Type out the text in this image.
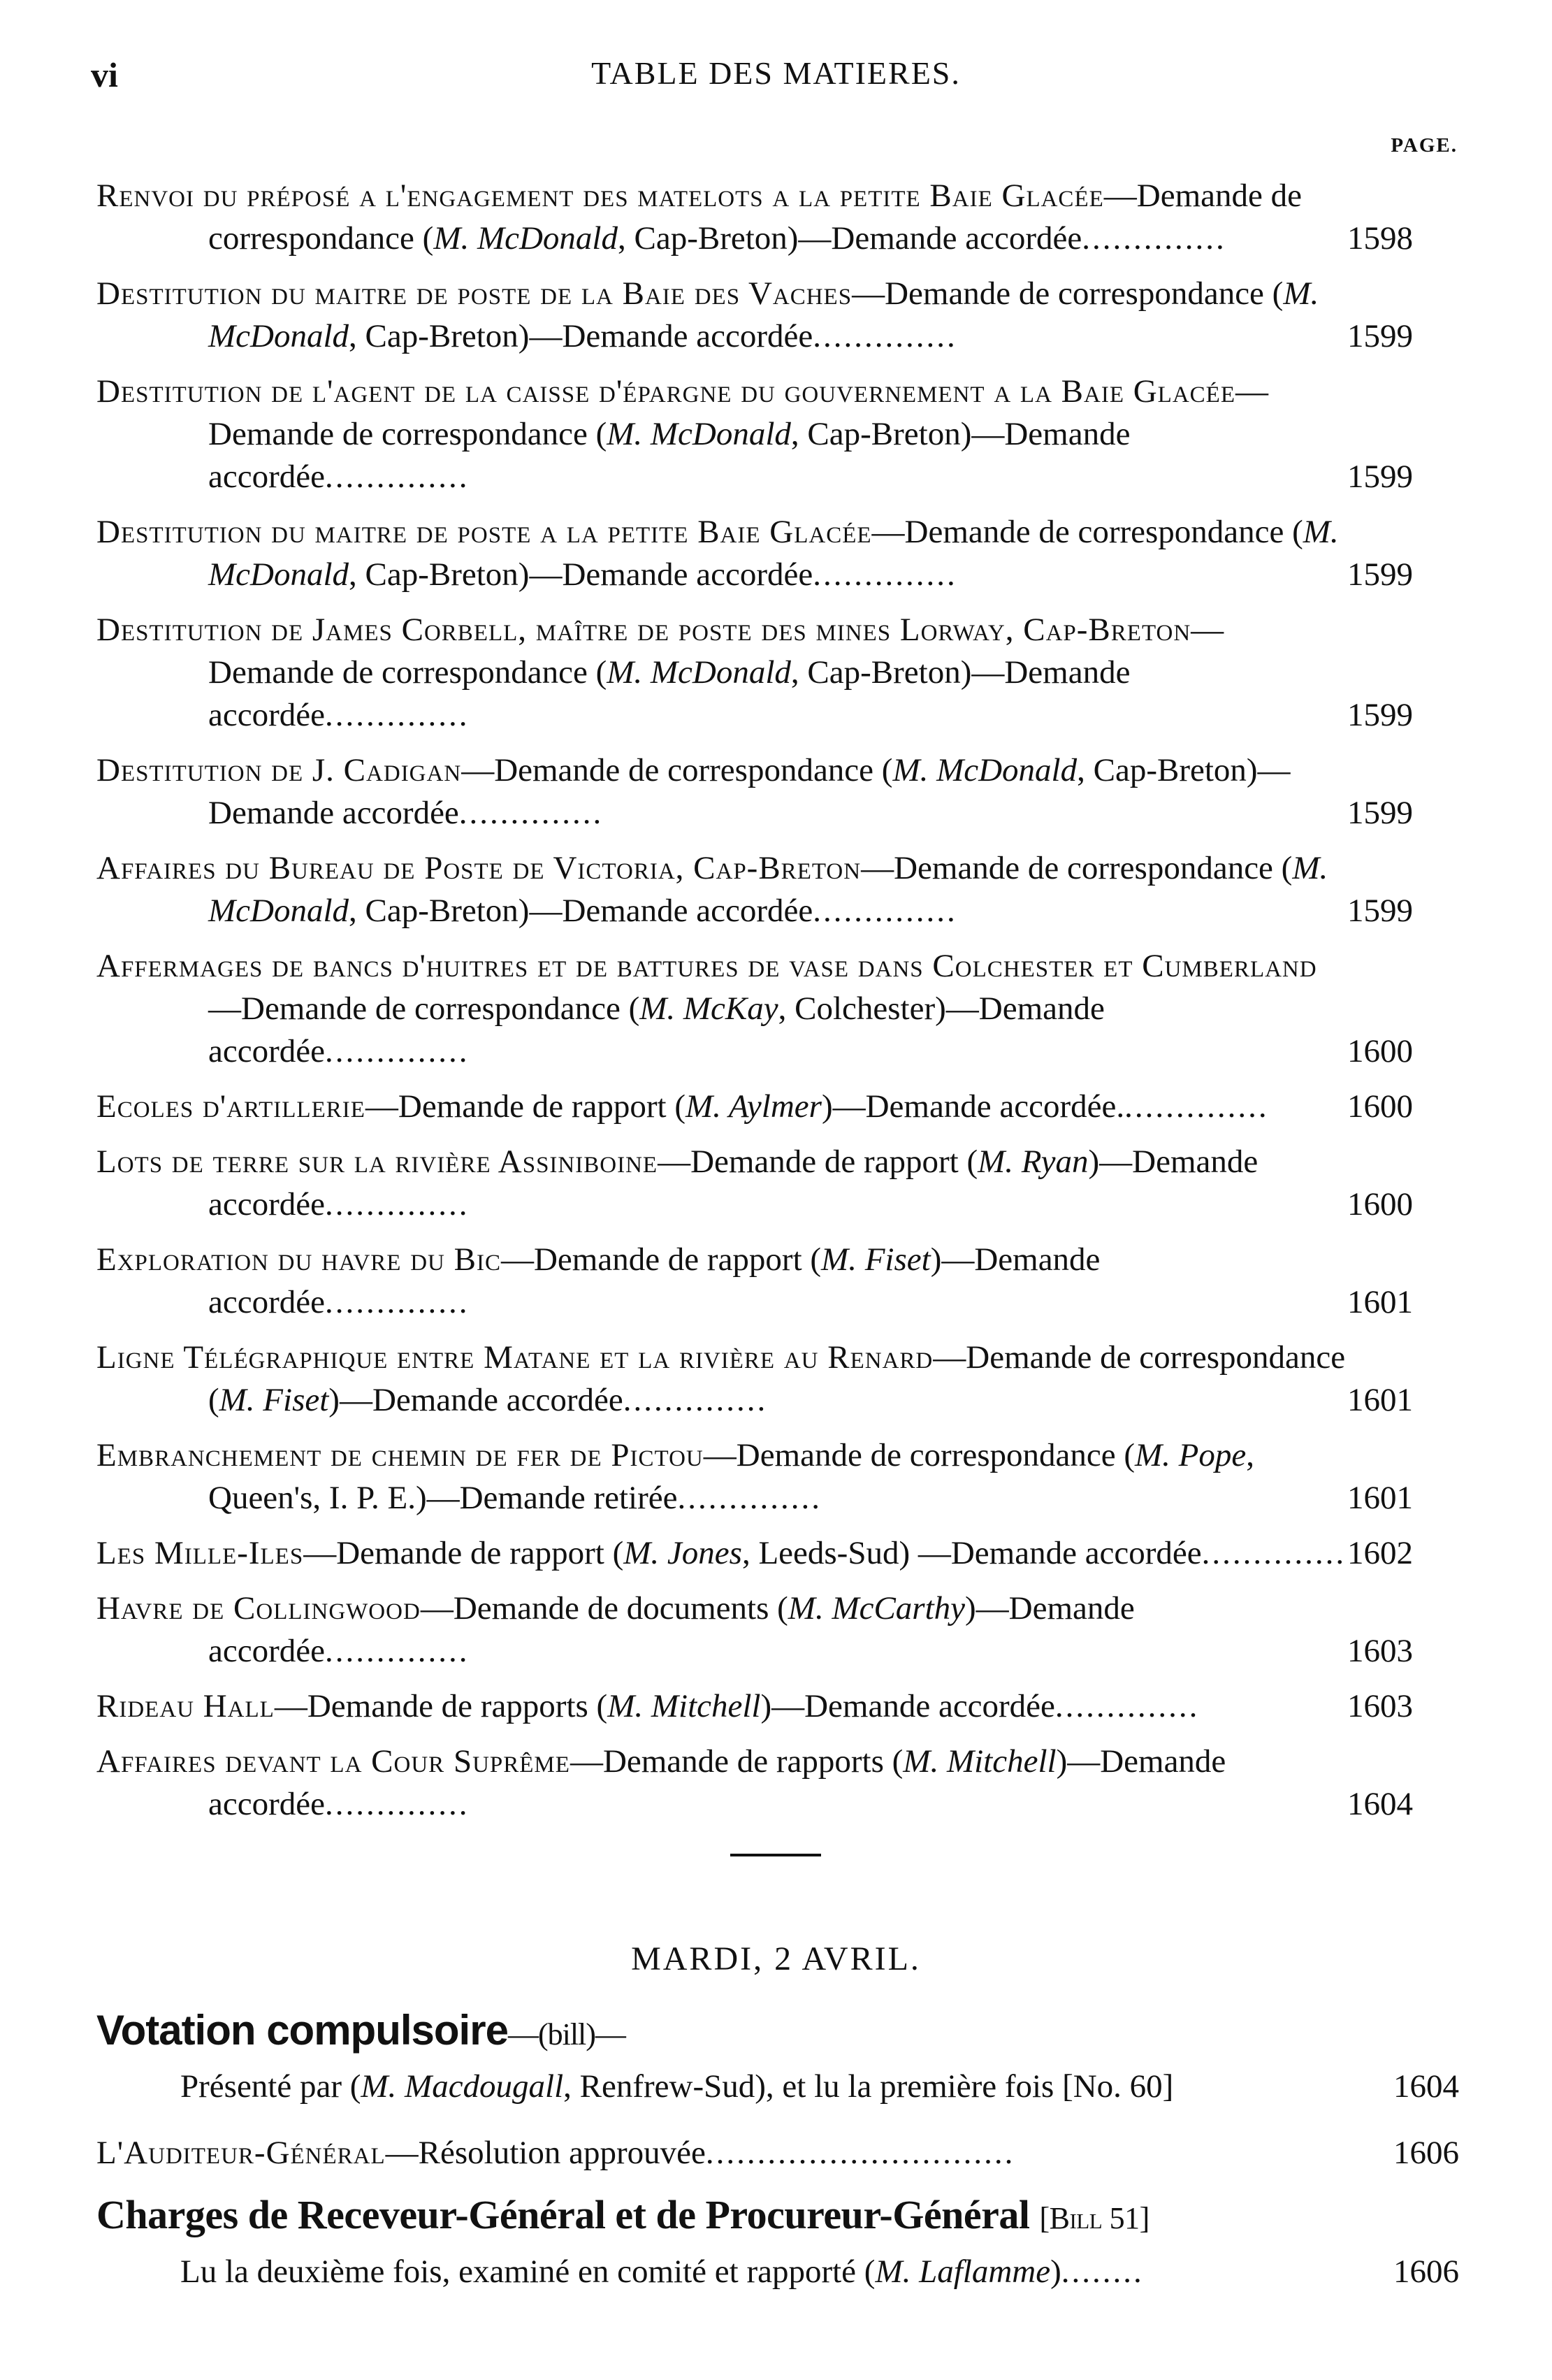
vi	TABLE DES MATIERES.
PAGE.
Renvoi du préposé a l'engagement des matelots a la petite Baie Glacée—Demande de correspondance (M. McDonald, Cap-Breton)—Demande accordée..............	1598
Destitution du maitre de poste de la Baie des Vaches—Demande de correspondance (M. McDonald, Cap-Breton)—Demande accordée..............	1599
Destitution de l'agent de la caisse d'épargne du gouvernement a la Baie Glacée—Demande de correspondance (M. McDonald, Cap-Breton)—Demande accordée..............	1599
Destitution du maitre de poste a la petite Baie Glacée—Demande de correspondance (M. McDonald, Cap-Breton)—Demande accordée..............	1599
Destitution de James Corbell, maître de poste des mines Lorway, Cap-Breton—Demande de correspondance (M. McDonald, Cap-Breton)—Demande accordée..............	1599
Destitution de J. Cadigan—Demande de correspondance (M. McDonald, Cap-Breton)—Demande accordée..............	1599
Affaires du Bureau de Poste de Victoria, Cap-Breton—Demande de correspondance (M. McDonald, Cap-Breton)—Demande accordée..............	1599
Affermages de bancs d'huitres et de battures de vase dans Colchester et Cumberland—Demande de correspondance (M. McKay, Colchester)—Demande accordée..............	1600
Ecoles d'artillerie—Demande de rapport (M. Aylmer)—Demande accordée............... 1600
Lots de terre sur la rivière Assiniboine—Demande de rapport (M. Ryan)—Demande accordée..............	1600
Exploration du havre du Bic—Demande de rapport (M. Fiset)—Demande accordée..............	1601
Ligne Télégraphique entre Matane et la rivière au Renard—Demande de correspondance (M. Fiset)—Demande accordée..............	1601
Embranchement de chemin de fer de Pictou—Demande de correspondance (M. Pope, Queen's, I. P. E.)—Demande retirée..............	1601
Les Mille-Iles—Demande de rapport (M. Jones, Leeds-Sud) —Demande accordée.............. 1602
Havre de Collingwood—Demande de documents (M. McCarthy)—Demande accordée..............	1603
Rideau Hall—Demande de rapports (M. Mitchell)—Demande accordée..............	1603
Affaires devant la Cour Suprême—Demande de rapports (M. Mitchell)—Demande accordée..............	1604
MARDI, 2 AVRIL.
Votation compulsoire—(bill)—
Présenté par (M. Macdougall, Renfrew-Sud), et lu la première fois [No. 60]	1604
L'Auditeur-Général—Résolution approuvée..............................	1606
Charges de Receveur-Général et de Procureur-Général [Bill 51]
Lu la deuxième fois, examiné en comité et rapporté (M. Laflamme)........	1606
